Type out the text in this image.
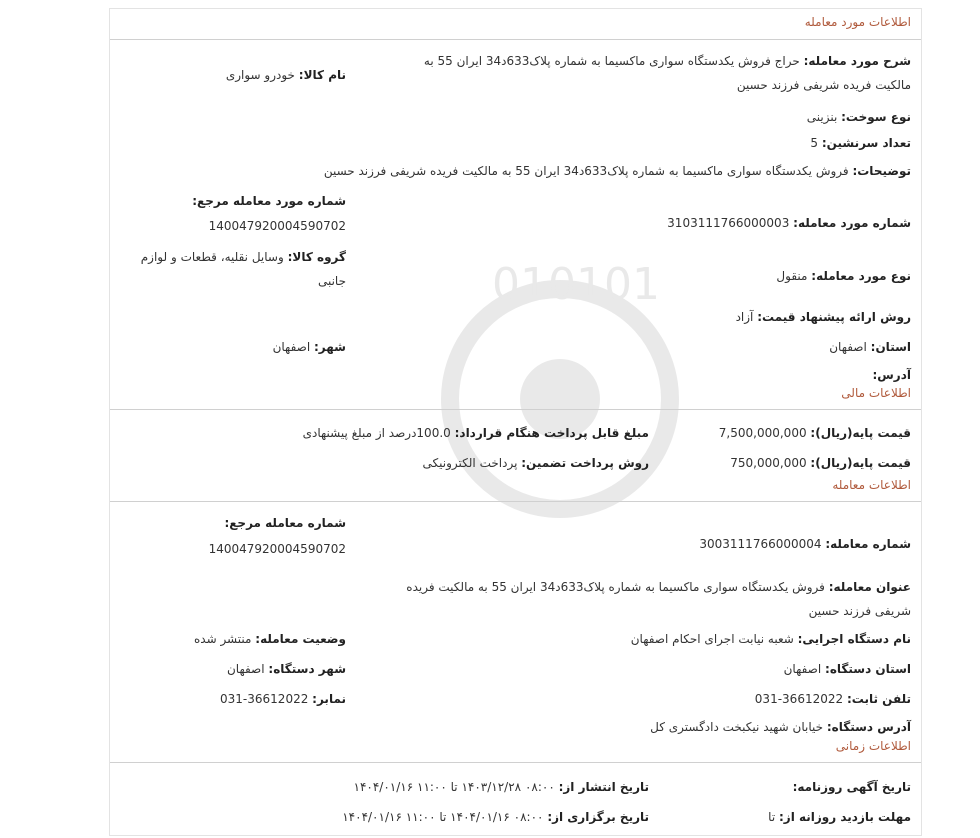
010101
اطلاعات مورد معامله
شرح مورد معامله: حراج فروش یکدستگاه سواری ماکسیما به شماره پلاک633د34 ایران 55 به مالکیت فریده شریفی فرزند حسین
نام کالا: خودرو سواری
نوع سوخت: بنزینی
تعداد سرنشین: 5
توضیحات: فروش یکدستگاه سواری ماکسیما به شماره پلاک633د34 ایران 55 به مالکیت فریده شریفی فرزند حسین
شماره مورد معامله مرجع:
14004792000459070​2	شماره مورد معامله: 3103111766000003
گروه کالا: وسایل نقلیه، قطعات و لوازم جانبی	نوع مورد معامله: منقول
روش ارائه پیشنهاد قیمت: آزاد
استان: اصفهان
شهر: اصفهان
آدرس:
اطلاعات مالی
قیمت پایه(ریال): 7,500,000,000
مبلغ قابل پرداخت هنگام قرارداد: 100.0درصد از مبلغ پیشنهادی
قیمت پایه(ریال): 750,000,000
روش پرداخت تضمین: پرداخت الکترونیکی
اطلاعات معامله
شماره معامله مرجع:
140047920004590702	شماره معامله: 3003111766000004
عنوان معامله: فروش یکدستگاه سواری ماکسیما به شماره پلاک633د34 ایران 55 به مالکیت فریده شریفی فرزند حسین
نام دستگاه اجرایی: شعبه نیابت اجرای احکام اصفهان
وضعیت معامله: منتشر شده
استان دستگاه: اصفهان
شهر دستگاه: اصفهان
تلفن ثابت: 36612022-031
نمابر: 36612022-031
آدرس دستگاه: خیابان شهید نیکبخت دادگستری کل
اطلاعات زمانی
تاریخ آگهی روزنامه:
تاریخ انتشار از: ۰۸:۰۰ ۱۴۰۳/۱۲/۲۸ تا ۱۱:۰۰ ۱۴۰۴/۰۱/۱۶
مهلت بازدید روزانه از: تا
تاریخ برگزاری از: ۰۸:۰۰ ۱۴۰۴/۰۱/۱۶ تا ۱۱:۰۰ ۱۴۰۴/۰۱/۱۶
